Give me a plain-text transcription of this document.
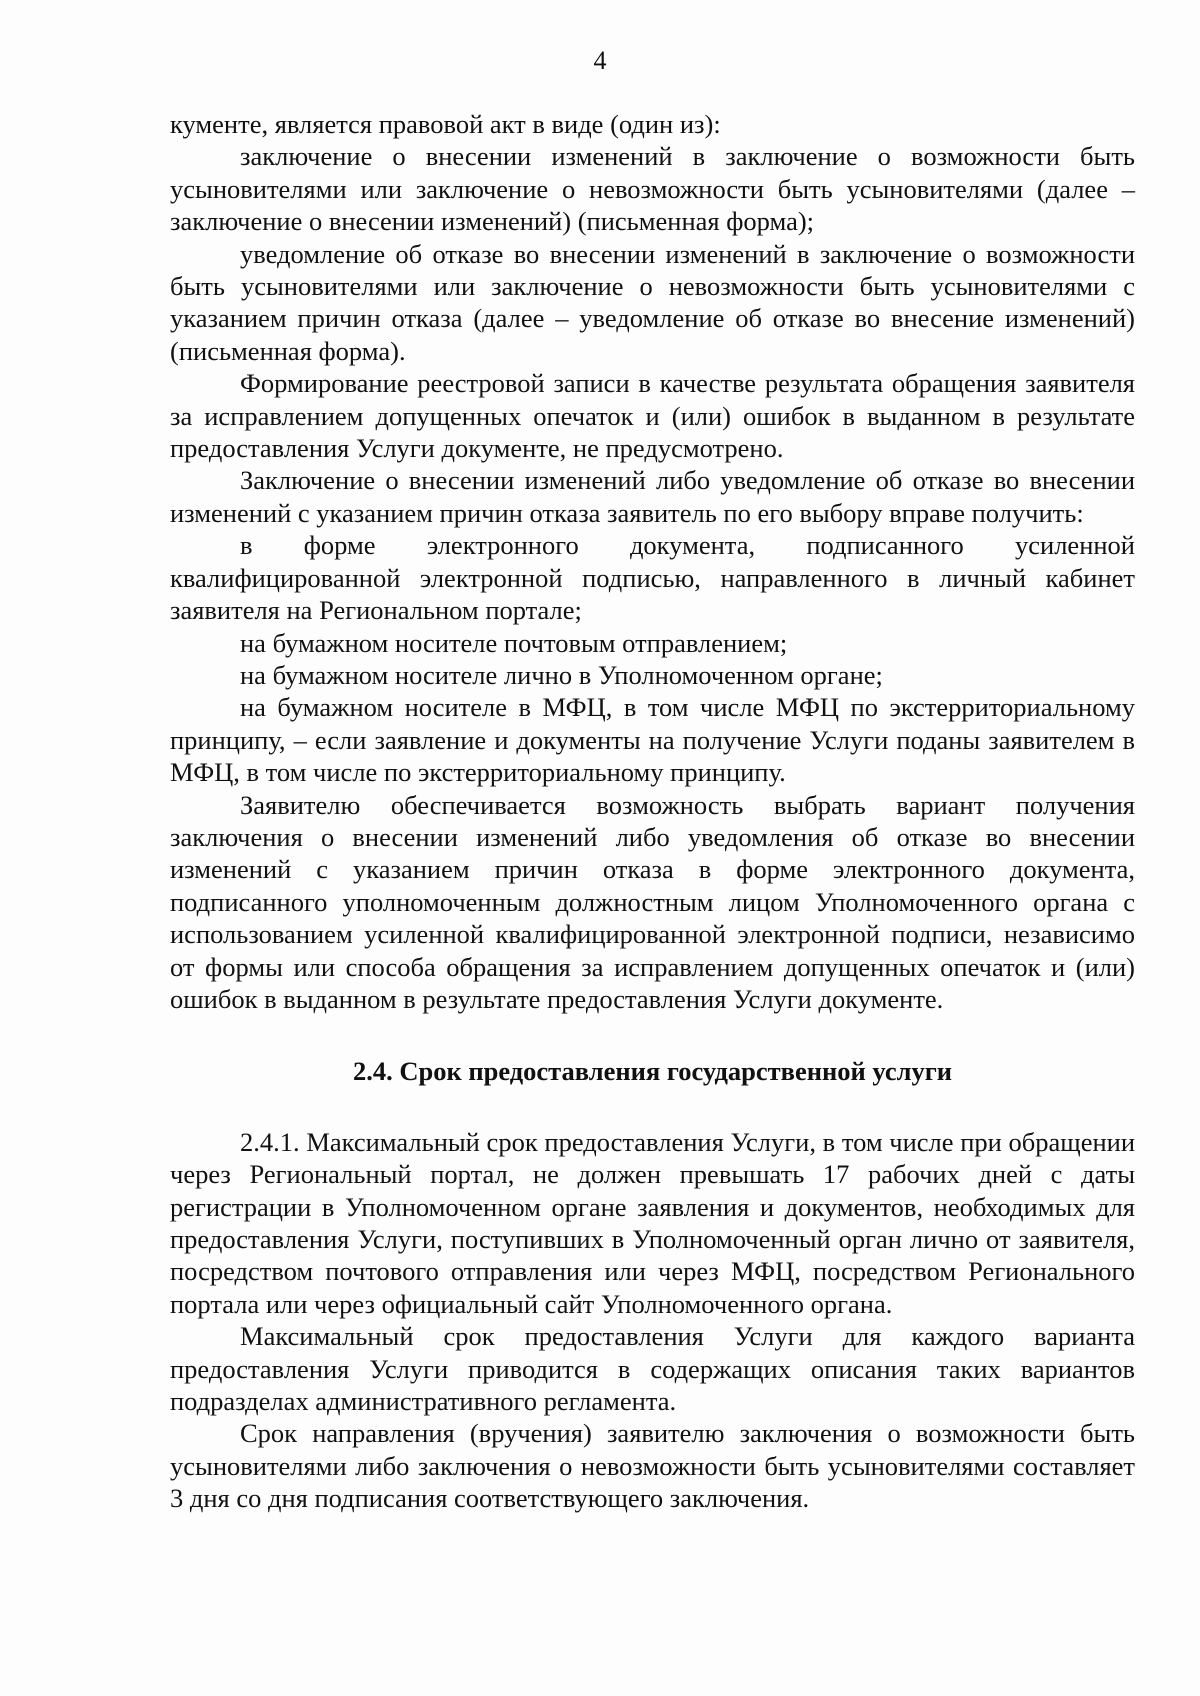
4

кументе, является правовой акт в виде (один из):

заключение о внесении изменений в заключение о возможности быть усыновителями или заключение о невозможности быть усыновителями (далее – заключение о внесении изменений) (письменная форма);

уведомление об отказе во внесении изменений в заключение о возможности быть усыновителями или заключение о невозможности быть усыновителями с указанием причин отказа (далее – уведомление об отказе во внесение изменений) (письменная форма).

Формирование реестровой записи в качестве результата обращения заявителя за исправлением допущенных опечаток и (или) ошибок в выданном в результате предоставления Услуги документе, не предусмотрено.

Заключение о внесении изменений либо уведомление об отказе во внесении изменений с указанием причин отказа заявитель по его выбору вправе получить:

в форме электронного документа, подписанного усиленной квалифицированной электронной подписью, направленного в личный кабинет заявителя на Региональном портале;

на бумажном носителе почтовым отправлением;

на бумажном носителе лично в Уполномоченном органе;

на бумажном носителе в МФЦ, в том числе МФЦ по экстерриториальному принципу, – если заявление и документы на получение Услуги поданы заявителем в МФЦ, в том числе по экстерриториальному принципу.

Заявителю обеспечивается возможность выбрать вариант получения заключения о внесении изменений либо уведомления об отказе во внесении изменений с указанием причин отказа в форме электронного документа, подписанного уполномоченным должностным лицом Уполномоченного органа с использованием усиленной квалифицированной электронной подписи, независимо от формы или способа обращения за исправлением допущенных опечаток и (или) ошибок в выданном в результате предоставления Услуги документе.

2.4. Срок предоставления государственной услуги

2.4.1. Максимальный срок предоставления Услуги, в том числе при обращении через Региональный портал, не должен превышать 17 рабочих дней с даты регистрации в Уполномоченном органе заявления и документов, необходимых для предоставления Услуги, поступивших в Уполномоченный орган лично от заявителя, посредством почтового отправления или через МФЦ, посредством Регионального портала или через официальный сайт Уполномоченного органа.

Максимальный срок предоставления Услуги для каждого варианта предоставления Услуги приводится в содержащих описания таких вариантов подразделах административного регламента.

Срок направления (вручения) заявителю заключения о возможности быть усыновителями либо заключения о невозможности быть усыновителями составляет 3 дня со дня подписания соответствующего заключения.
